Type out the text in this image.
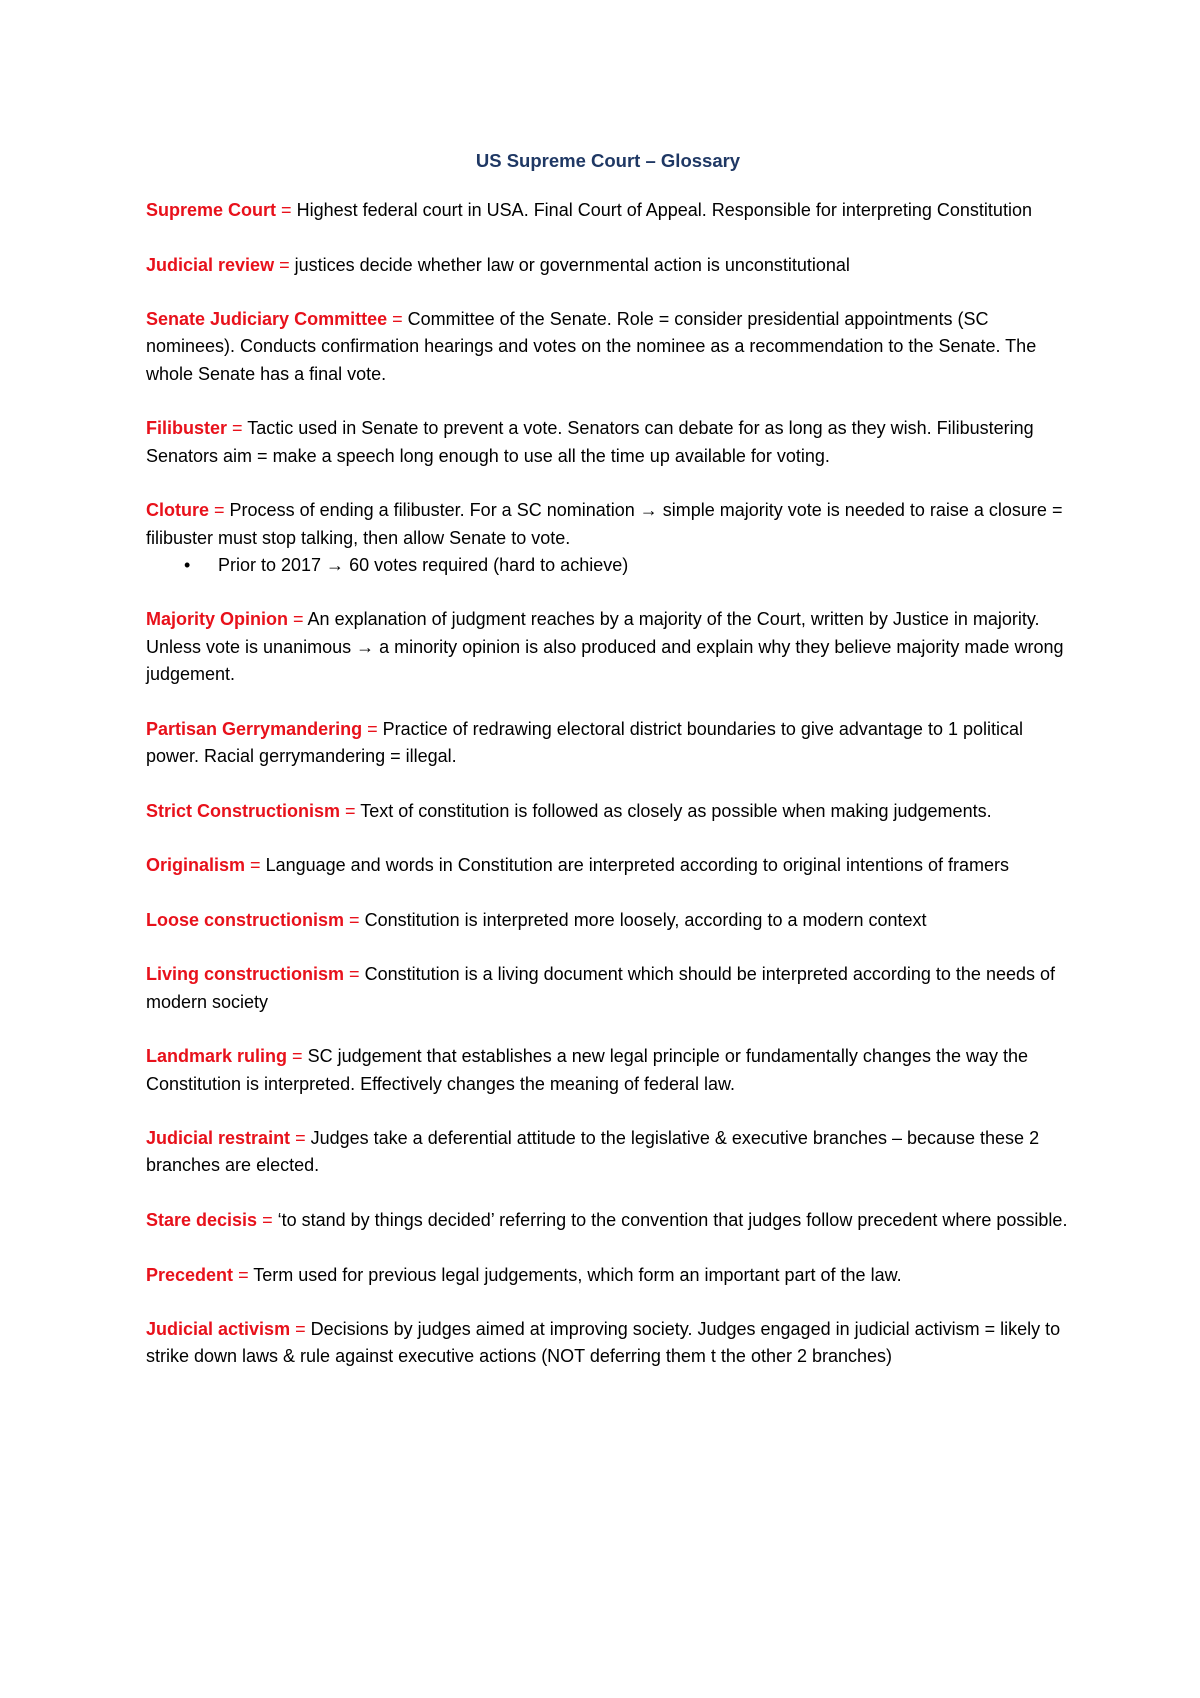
US Supreme Court – Glossary
Supreme Court = Highest federal court in USA. Final Court of Appeal. Responsible for interpreting Constitution
Judicial review = justices decide whether law or governmental action is unconstitutional
Senate Judiciary Committee = Committee of the Senate. Role = consider presidential appointments (SC nominees). Conducts confirmation hearings and votes on the nominee as a recommendation to the Senate. The whole Senate has a final vote.
Filibuster = Tactic used in Senate to prevent a vote. Senators can debate for as long as they wish. Filibustering Senators aim = make a speech long enough to use all the time up available for voting.
Cloture = Process of ending a filibuster. For a SC nomination → simple majority vote is needed to raise a closure = filibuster must stop talking, then allow Senate to vote.
• Prior to 2017 → 60 votes required (hard to achieve)
Majority Opinion = An explanation of judgment reaches by a majority of the Court, written by Justice in majority. Unless vote is unanimous → a minority opinion is also produced and explain why they believe majority made wrong judgement.
Partisan Gerrymandering = Practice of redrawing electoral district boundaries to give advantage to 1 political power. Racial gerrymandering = illegal.
Strict Constructionism = Text of constitution is followed as closely as possible when making judgements.
Originalism = Language and words in Constitution are interpreted according to original intentions of framers
Loose constructionism = Constitution is interpreted more loosely, according to a modern context
Living constructionism = Constitution is a living document which should be interpreted according to the needs of modern society
Landmark ruling = SC judgement that establishes a new legal principle or fundamentally changes the way the Constitution is interpreted. Effectively changes the meaning of federal law.
Judicial restraint = Judges take a deferential attitude to the legislative & executive branches – because these 2 branches are elected.
Stare decisis = ‘to stand by things decided’ referring to the convention that judges follow precedent where possible.
Precedent = Term used for previous legal judgements, which form an important part of the law.
Judicial activism = Decisions by judges aimed at improving society. Judges engaged in judicial activism = likely to strike down laws & rule against executive actions (NOT deferring them t the other 2 branches)
